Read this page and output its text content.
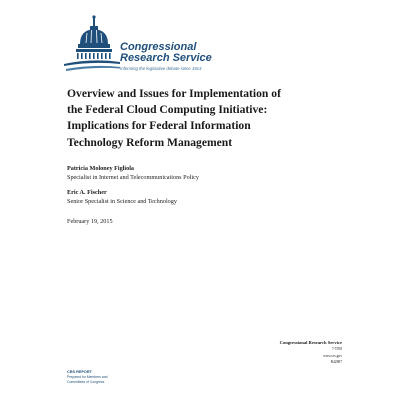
Congressional
Research Service
Informing the legislative debate since 1914
Overview and Issues for Implementation of
the Federal Cloud Computing Initiative:
Implications for Federal Information
Technology Reform Management
Patricia Moloney Figliola
Specialist in Internet and Telecommunications Policy
Eric A. Fischer
Senior Specialist in Science and Technology
February 19, 2015
Congressional Research Service
7-5700
www.crs.gov
R42887
CRS REPORT
Prepared for Members and
Committees of Congress
